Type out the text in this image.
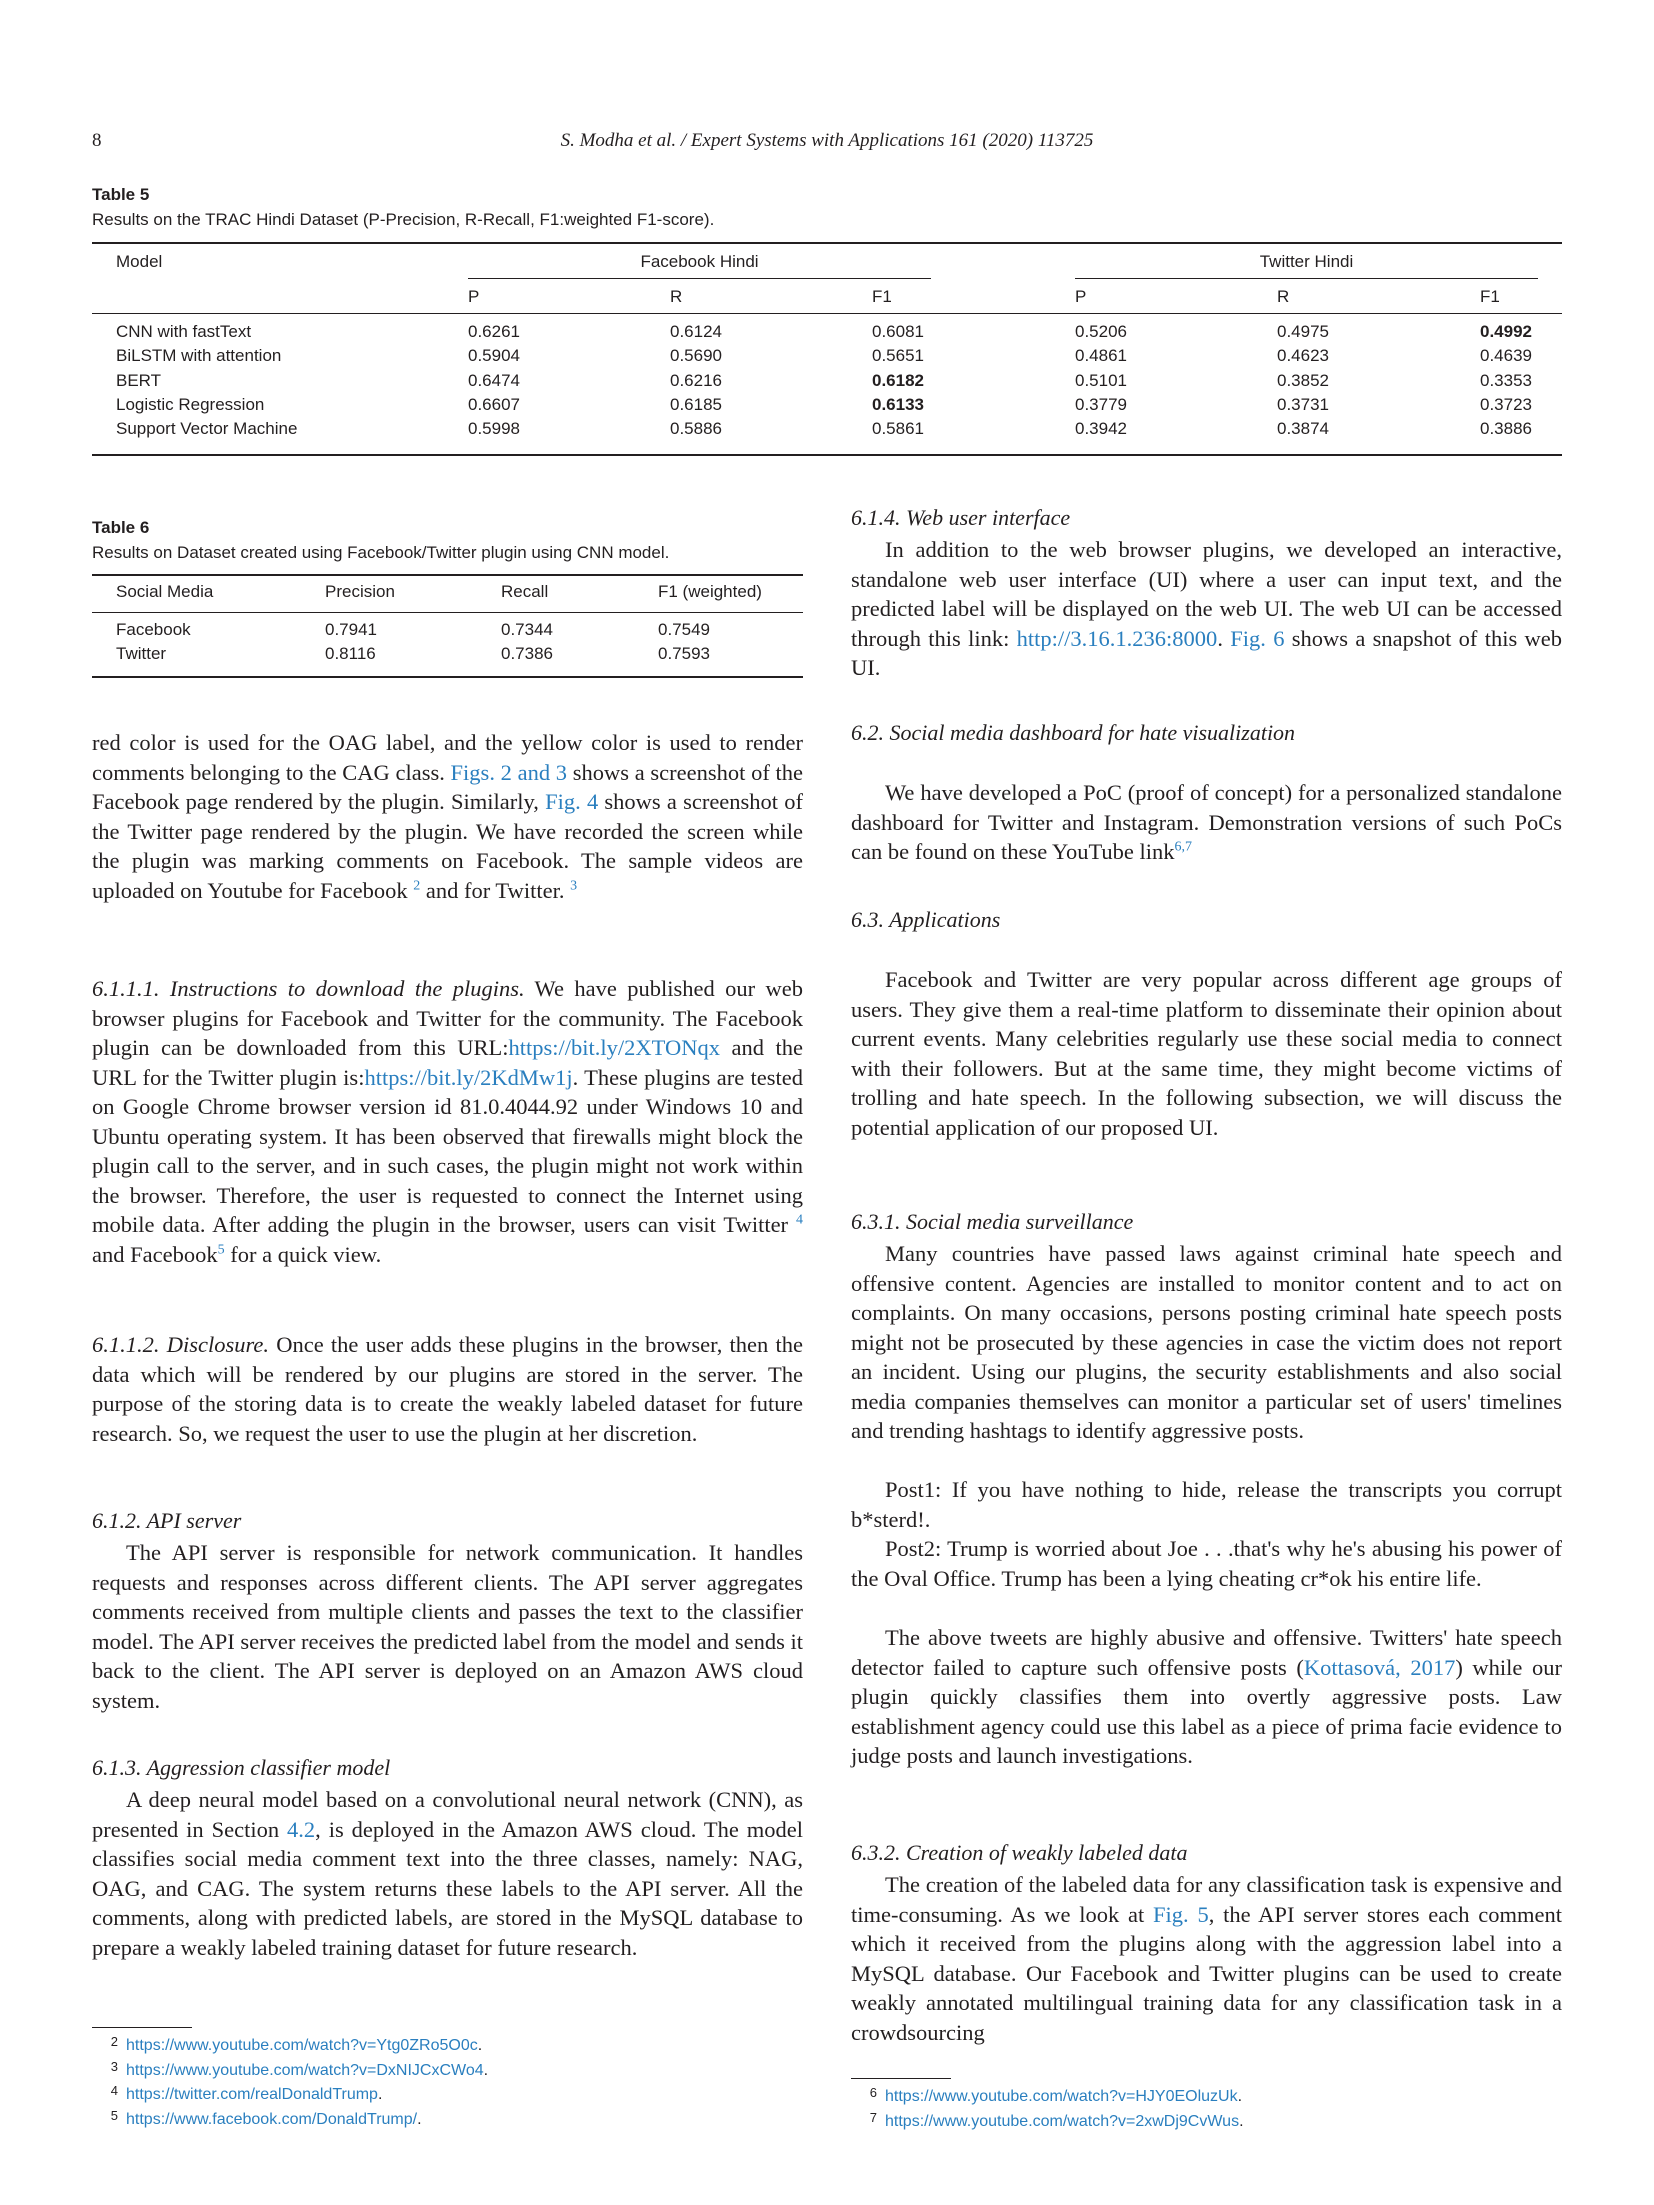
8	S. Modha et al. / Expert Systems with Applications 161 (2020) 113725
Table 5
Results on the TRAC Hindi Dataset (P-Precision, R-Recall, F1:weighted F1-score).
Model	Facebook Hindi	Twitter Hindi
P	R	F1	P	R	F1
CNN with fastText	0.6261	0.6124	0.6081	0.5206	0.4975	0.4992
BiLSTM with attention	0.5904	0.5690	0.5651	0.4861	0.4623	0.4639
BERT	0.6474	0.6216	0.6182	0.5101	0.3852	0.3353
Logistic Regression	0.6607	0.6185	0.6133	0.3779	0.3731	0.3723
Support Vector Machine	0.5998	0.5886	0.5861	0.3942	0.3874	0.3886
Table 6
Results on Dataset created using Facebook/Twitter plugin using CNN model.
Social Media	Precision	Recall	F1 (weighted)
Facebook	0.7941	0.7344	0.7549
Twitter	0.8116	0.7386	0.7593
red color is used for the OAG label, and the yellow color is used to render comments belonging to the CAG class. Figs. 2 and 3 shows a screenshot of the Facebook page rendered by the plugin. Similarly, Fig. 4 shows a screenshot of the Twitter page rendered by the plugin. We have recorded the screen while the plugin was marking comments on Facebook. The sample videos are uploaded on Youtube for Facebook $^2$ and for Twitter. $^3$
6.1.1.1. Instructions to download the plugins. We have published our web browser plugins for Facebook and Twitter for the community. The Facebook plugin can be downloaded from this URL:https://bit.ly/2XTONqx and the URL for the Twitter plugin is:https://bit.ly/2KdMw1j. These plugins are tested on Google Chrome browser version id 81.0.4044.92 under Windows 10 and Ubuntu operating system. It has been observed that firewalls might block the plugin call to the server, and in such cases, the plugin might not work within the browser. Therefore, the user is requested to connect the Internet using mobile data. After adding the plugin in the browser, users can visit Twitter $^4$ and Facebook$^5$ for a quick view.
6.1.1.2. Disclosure. Once the user adds these plugins in the browser, then the data which will be rendered by our plugins are stored in the server. The purpose of the storing data is to create the weakly labeled dataset for future research. So, we request the user to use the plugin at her discretion.
6.1.2. API server
The API server is responsible for network communication. It handles requests and responses across different clients. The API server aggregates comments received from multiple clients and passes the text to the classifier model. The API server receives the predicted label from the model and sends it back to the client. The API server is deployed on an Amazon AWS cloud system.
6.1.3. Aggression classifier model
A deep neural model based on a convolutional neural network (CNN), as presented in Section 4.2, is deployed in the Amazon AWS cloud. The model classifies social media comment text into the three classes, namely: NAG, OAG, and CAG. The system returns these labels to the API server. All the comments, along with predicted labels, are stored in the MySQL database to prepare a weakly labeled training dataset for future research.
2 https://www.youtube.com/watch?v=Ytg0ZRo5O0c.
3 https://www.youtube.com/watch?v=DxNIJCxCWo4.
4 https://twitter.com/realDonaldTrump.
5 https://www.facebook.com/DonaldTrump/.
6.1.4. Web user interface
In addition to the web browser plugins, we developed an interactive, standalone web user interface (UI) where a user can input text, and the predicted label will be displayed on the web UI. The web UI can be accessed through this link: http://3.16.1.236:8000. Fig. 6 shows a snapshot of this web UI.
6.2. Social media dashboard for hate visualization
We have developed a PoC (proof of concept) for a personalized standalone dashboard for Twitter and Instagram. Demonstration versions of such PoCs can be found on these YouTube link$^{6,7}$
6.3. Applications
Facebook and Twitter are very popular across different age groups of users. They give them a real-time platform to disseminate their opinion about current events. Many celebrities regularly use these social media to connect with their followers. But at the same time, they might become victims of trolling and hate speech. In the following subsection, we will discuss the potential application of our proposed UI.
6.3.1. Social media surveillance
Many countries have passed laws against criminal hate speech and offensive content. Agencies are installed to monitor content and to act on complaints. On many occasions, persons posting criminal hate speech posts might not be prosecuted by these agencies in case the victim does not report an incident. Using our plugins, the security establishments and also social media companies themselves can monitor a particular set of users' timelines and trending hashtags to identify aggressive posts.
Post1: If you have nothing to hide, release the transcripts you corrupt b*sterd!.
Post2: Trump is worried about Joe . . .that's why he's abusing his power of the Oval Office. Trump has been a lying cheating cr*ok his entire life.
The above tweets are highly abusive and offensive. Twitters' hate speech detector failed to capture such offensive posts (Kottasová, 2017) while our plugin quickly classifies them into overtly aggressive posts. Law establishment agency could use this label as a piece of prima facie evidence to judge posts and launch investigations.
6.3.2. Creation of weakly labeled data
The creation of the labeled data for any classification task is expensive and time-consuming. As we look at Fig. 5, the API server stores each comment which it received from the plugins along with the aggression label into a MySQL database. Our Facebook and Twitter plugins can be used to create weakly annotated multilingual training data for any classification task in a crowdsourcing
6 https://www.youtube.com/watch?v=HJY0EOluzUk.
7 https://www.youtube.com/watch?v=2xwDj9CvWus.
